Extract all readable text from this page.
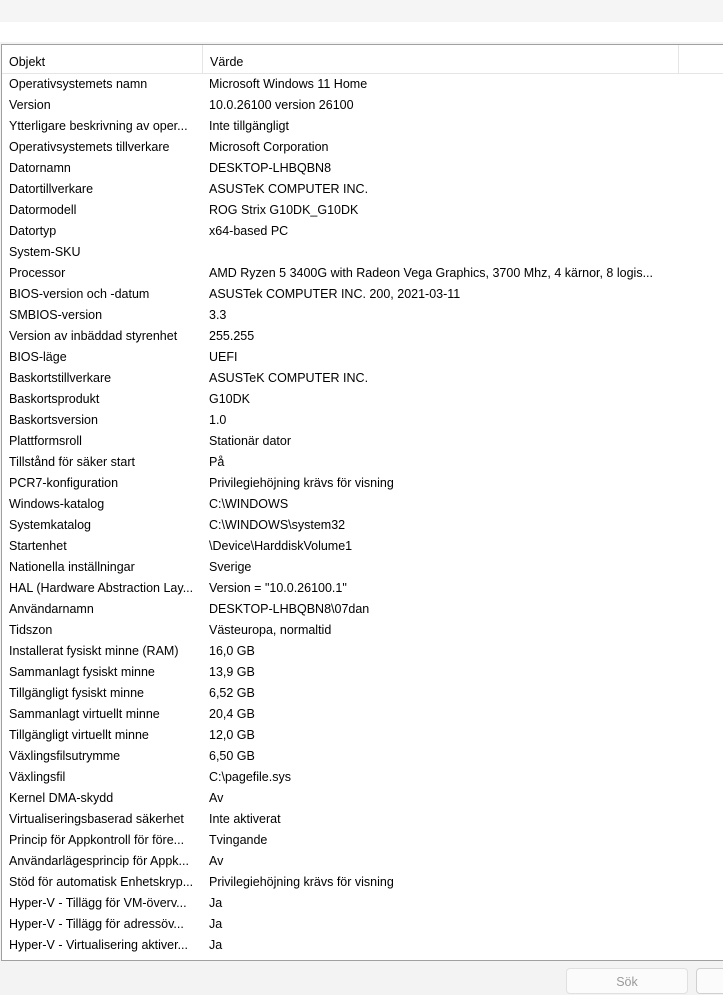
Objekt	Värde
Operativsystemets namn	Microsoft Windows 11 Home
Version	10.0.26100 version 26100
Ytterligare beskrivning av oper...	Inte tillgängligt
Operativsystemets tillverkare	Microsoft Corporation
Datornamn	DESKTOP-LHBQBN8
Datortillverkare	ASUSTeK COMPUTER INC.
Datormodell	ROG Strix G10DK_G10DK
Datortyp	x64-based PC
System-SKU
Processor	AMD Ryzen 5 3400G with Radeon Vega Graphics, 3700 Mhz, 4 kärnor, 8 logis...
BIOS-version och -datum	ASUSTek COMPUTER INC. 200, 2021-03-11
SMBIOS-version	3.3
Version av inbäddad styrenhet	255.255
BIOS-läge	UEFI
Baskortstillverkare	ASUSTeK COMPUTER INC.
Baskortsprodukt	G10DK
Baskortsversion	1.0
Plattformsroll	Stationär dator
Tillstånd för säker start	På
PCR7-konfiguration	Privilegiehöjning krävs för visning
Windows-katalog	C:\WINDOWS
Systemkatalog	C:\WINDOWS\system32
Startenhet	\Device\HarddiskVolume1
Nationella inställningar	Sverige
HAL (Hardware Abstraction Lay...	Version = "10.0.26100.1"
Användarnamn	DESKTOP-LHBQBN8\07dan
Tidszon	Västeuropa, normaltid
Installerat fysiskt minne (RAM)	16,0 GB
Sammanlagt fysiskt minne	13,9 GB
Tillgängligt fysiskt minne	6,52 GB
Sammanlagt virtuellt minne	20,4 GB
Tillgängligt virtuellt minne	12,0 GB
Växlingsfilsutrymme	6,50 GB
Växlingsfil	C:\pagefile.sys
Kernel DMA-skydd	Av
Virtualiseringsbaserad säkerhet	Inte aktiverat
Princip för Appkontroll för före...	Tvingande
Användarlägesprincip för Appk...	Av
Stöd för automatisk Enhetskryp...	Privilegiehöjning krävs för visning
Hyper-V - Tillägg för VM-överv...	Ja
Hyper-V - Tillägg för adressöv...	Ja
Hyper-V - Virtualisering aktiver...	Ja
Sök
